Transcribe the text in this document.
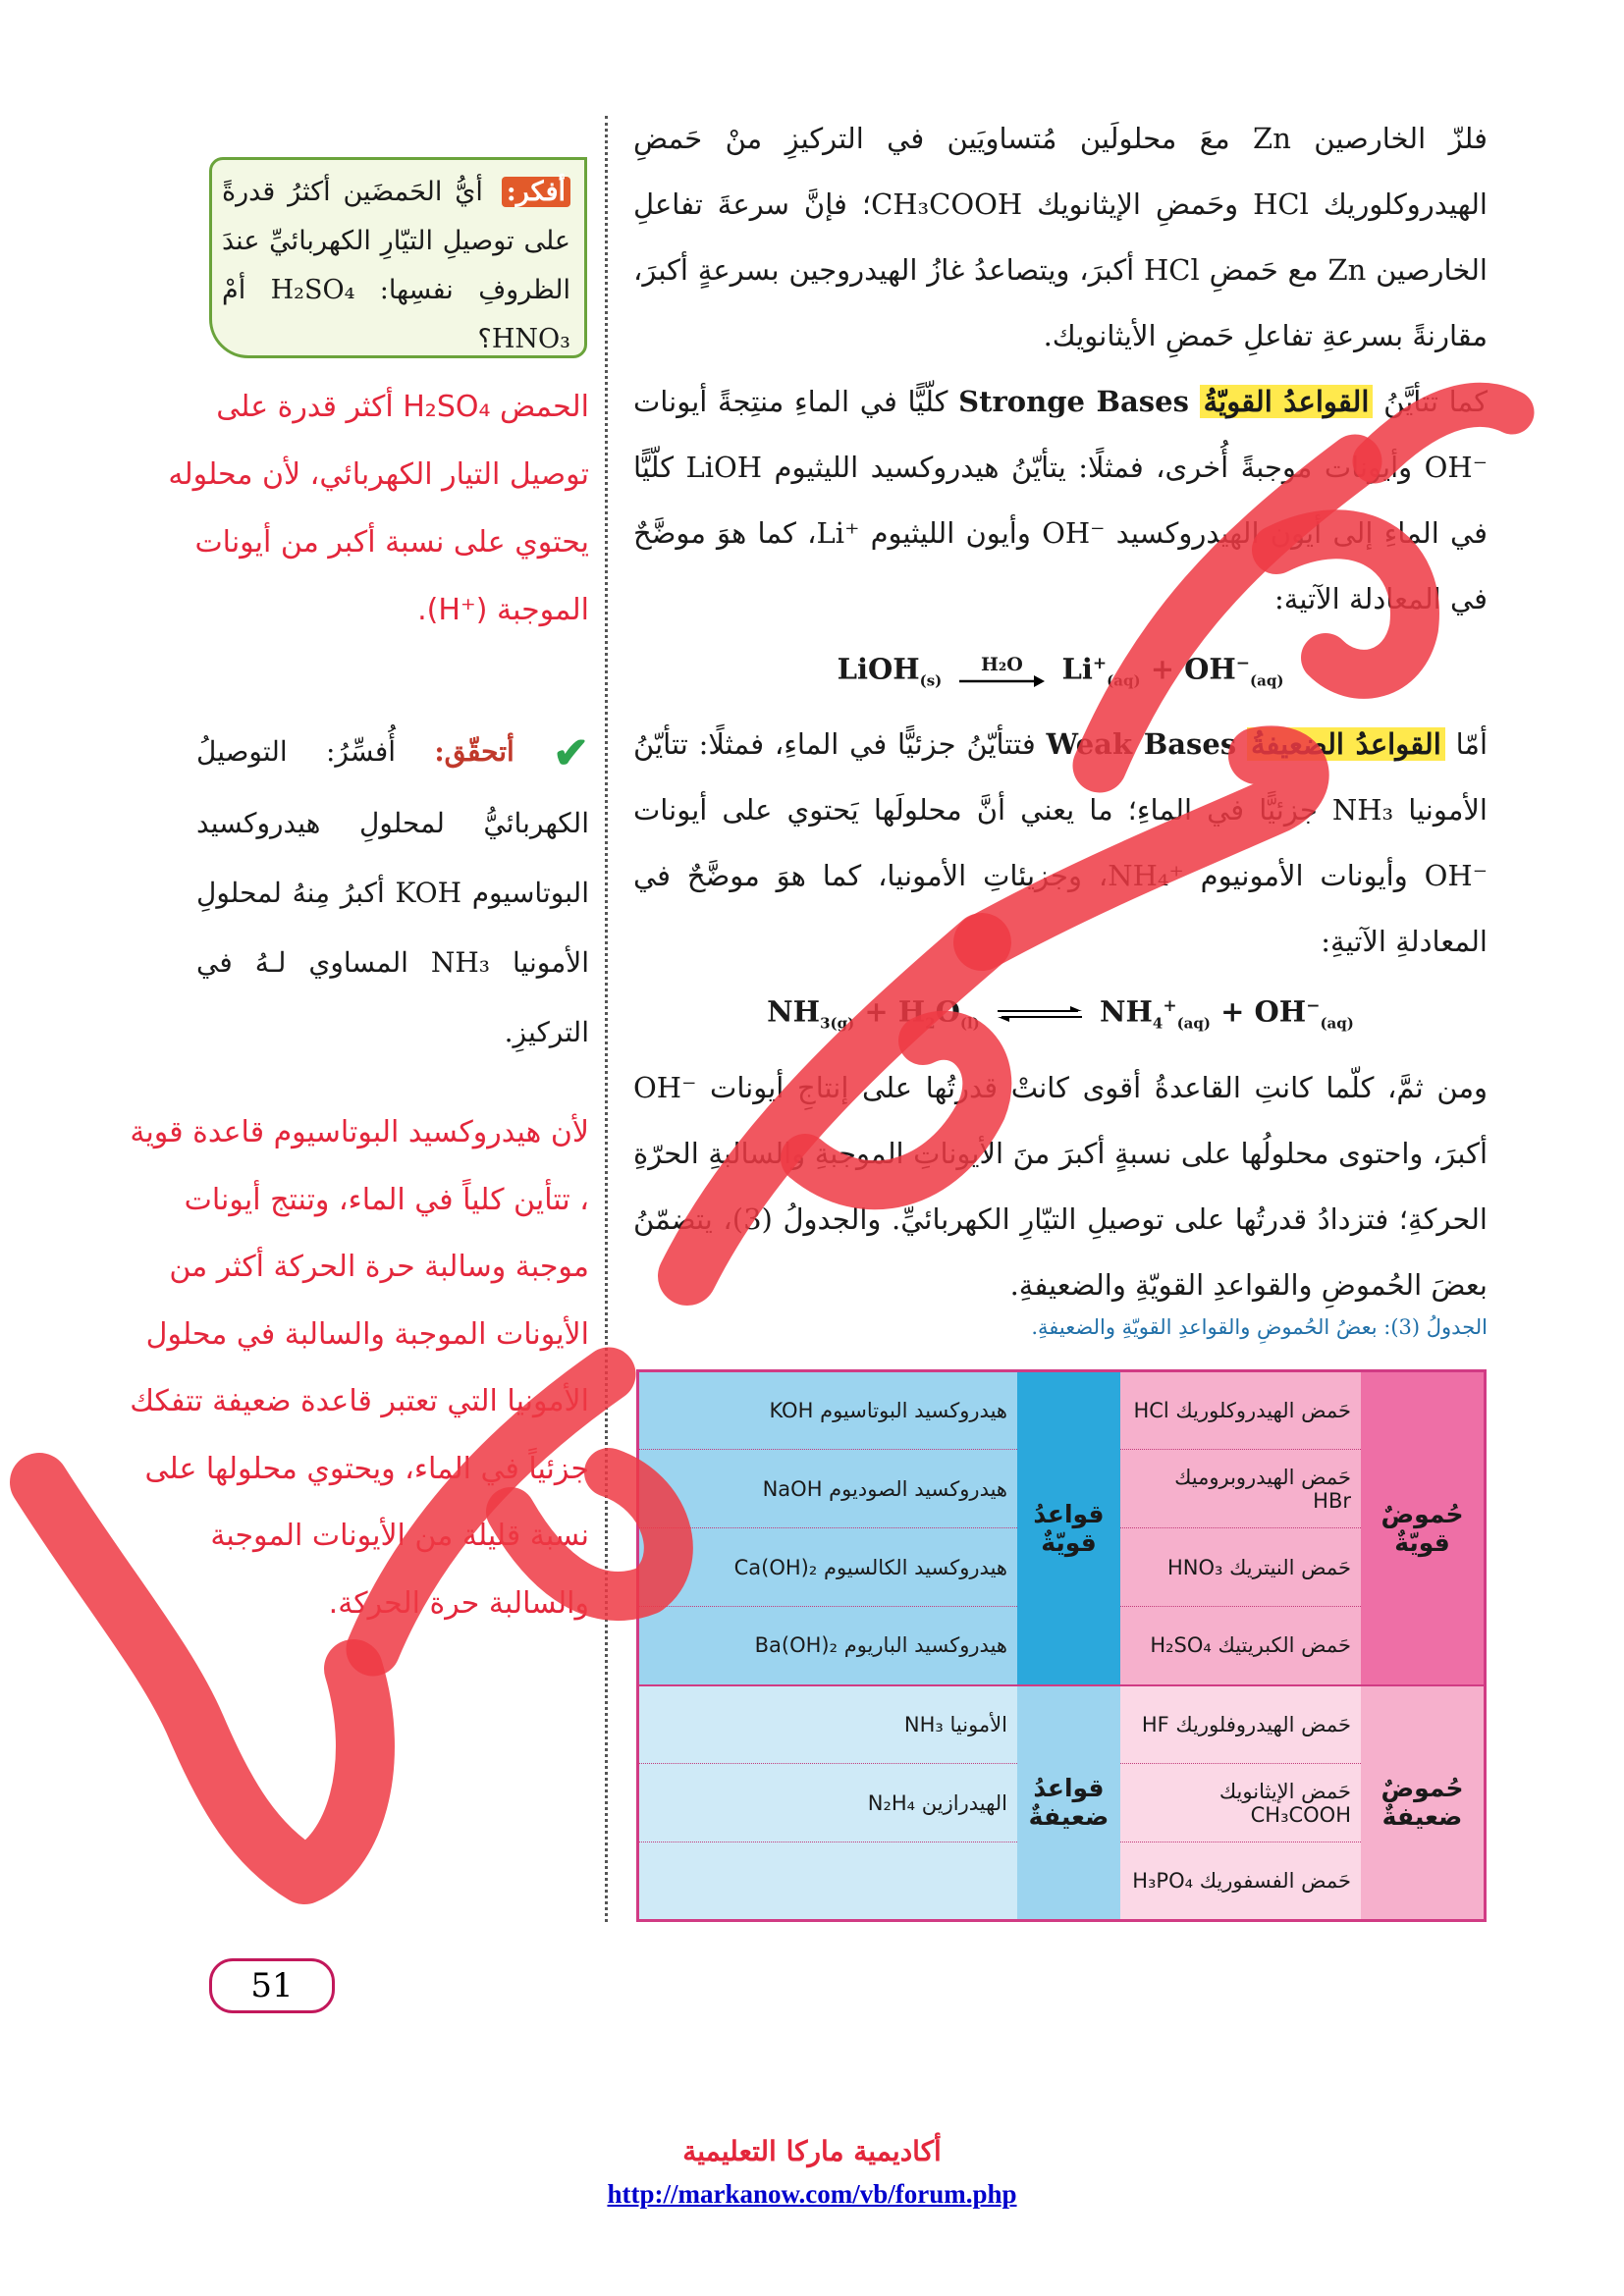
فلزّ الخارصين Zn معَ محلولَين مُتساويَين في التركيزِ منْ حَمضِ الهيدروكلوريك HCl وحَمضِ الإيثانويك CH₃COOH؛ فإنَّ سرعةَ تفاعلِ الخارصين Zn مع حَمضِ HCl أكبرَ، ويتصاعدُ غازُ الهيدروجين بسرعةٍ أكبرَ، مقارنةً بسرعةِ تفاعلِ حَمضِ الأيثانويك.

كما تتأيَّنُ القواعدُ القويّةُ Stronge Bases كلّيًّا في الماءِ منتِجةً أيونات ⁻OH وأيونات موجبةً أُخرى، فمثلًا: يتأيّنُ هيدروكسيد الليثيوم LiOH كلّيًّا في الماءِ إلى أيون الهيدروكسيد ⁻OH وأيون الليثيوم ⁺Li، كما هوَ موضَّحٌ في المعادلة الآتية:

LiOH$_{(s)}$
H₂O	$Li^+_{(aq)} + OH^-_{(aq)}$

أمّا القواعدُ الضعيفةُ Weak Bases فتتأيّنُ جزئيًّا في الماءِ، فمثلًا: تتأيّنُ الأمونيا NH₃ جزئيًّا في الماءِ؛ ما يعني أنَّ محلولَها يَحتوي على أيونات ⁻OH وأيونات الأمونيوم ⁺NH₄، وجزيئاتِ الأمونيا، كما هوَ موضَّحٌ في المعادلةِ الآتيةِ:

$NH_{3(g)} + H_2O_{(l)}$ ⇌ $NH_4^+_{(aq)} + OH^-_{(aq)}$

ومن ثمَّ، كلّما كانتِ القاعدةُ أقوى كانتْ قدرتُها على إنتاجِ أيونات ⁻OH أكبرَ، واحتوى محلولُها على نسبةٍ أكبرَ منَ الأيوناتِ الموجبةِ والسالبةِ الحرّةِ الحركةِ؛ فتزدادُ قدرتُها على توصيلِ التيّارِ الكهربائيِّ. والجدولُ (3)، يتضمّنُ بعضَ الحُموضِ والقواعدِ القويّةِ والضعيفةِ.

أفكر: أيُّ الحَمضَين أكثرُ قدرةً على توصيلِ التيّارِ الكهربائيِّ عندَ الظروفِ نفسِها: H₂SO₄ أمْ HNO₃؟
الحمض H₂SO₄ أكثر قدرة على توصيل التيار الكهربائي، لأن محلوله يحتوي على نسبة أكبر من أيونات الموجبة (⁺H).
✔ أتحقّق: أُفسِّرُ: التوصيلُ الكهربائيُّ لمحلولِ هيدروكسيد البوتاسيوم KOH أكبرُ مِنهُ لمحلولِ الأمونيا NH₃ المساوي لـهُ في التركيزِ.
لأن هيدروكسيد البوتاسيوم قاعدة قوية ، تتأين كلياً في الماء، وتنتج أيونات موجبة وسالبة حرة الحركة أكثر من الأيونات الموجبة والسالبة في محلول الأمونيا التي تعتبر قاعدة ضعيفة تتفكك جزئياً في الماء، ويحتوي محلولها على نسبة قليلة من الأيونات الموجبة والسالبة حرة الحركة.
الجدولُ (3): بعضُ الحُموضِ والقواعدِ القويّةِ والضعيفةِ.
حُموضٌ قويّةٌ	حَمض الهيدروكلوريك HCl	قواعدُ قويّةٌ	هيدروكسيد البوتاسيوم KOH
	حَمض الهيدروبروميك HBr		هيدروكسيد الصوديوم NaOH
	حَمض النيتريك HNO₃		هيدروكسيد الكالسيوم Ca(OH)₂
	حَمض الكبريتيك H₂SO₄		هيدروكسيد الباريوم Ba(OH)₂
حُموضٌ ضعيفةٌ	حَمض الهيدروفلوريك HF	قواعدُ ضعيفةٌ	الأمونيا NH₃
	حَمض الإيثانويك CH₃COOH		الهيدرازين N₂H₄
	حَمض الفسفوريك H₃PO₄		
51
أكاديمية ماركا التعليمية
http://markanow.com/vb/forum.php
